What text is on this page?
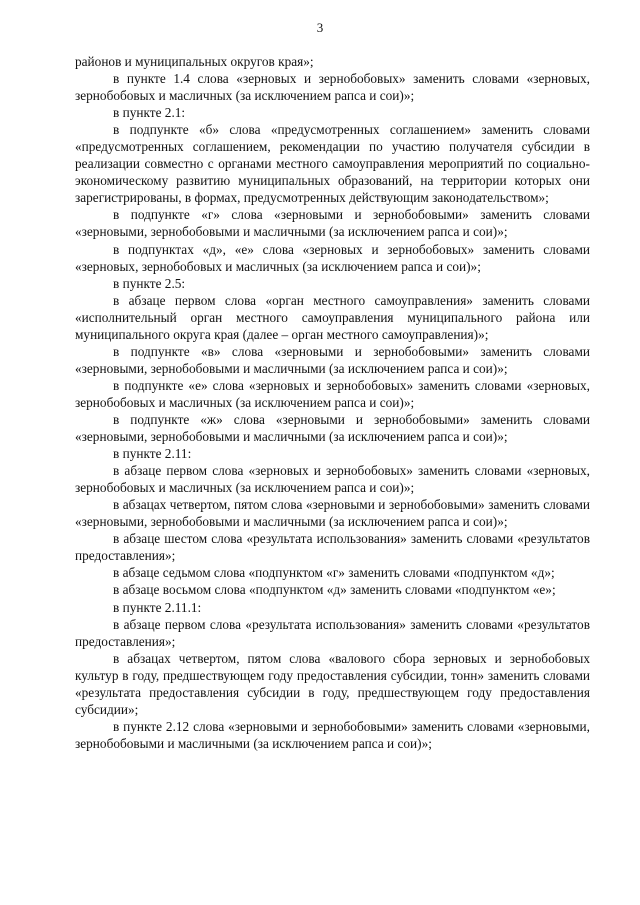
3

районов и муниципальных округов края»;

в пункте 1.4 слова «зерновых и зернобобовых» заменить словами «зерновых, зернобобовых и масличных (за исключением рапса и сои)»;

в пункте 2.1:

в подпункте «б» слова «предусмотренных соглашением» заменить словами «предусмотренных соглашением, рекомендации по участию получателя субсидии в реализации совместно с органами местного самоуправления мероприятий по социально-экономическому развитию муниципальных образований, на территории которых они зарегистрированы, в формах, предусмотренных действующим законодательством»;

в подпункте «г» слова «зерновыми и зернобобовыми» заменить словами «зерновыми, зернобобовыми и масличными (за исключением рапса и сои)»;

в подпунктах «д», «е» слова «зерновых и зернобобовых» заменить словами «зерновых, зернобобовых и масличных (за исключением рапса и сои)»;

в пункте 2.5:

в абзаце первом слова «орган местного самоуправления» заменить словами «исполнительный орган местного самоуправления муниципального района или муниципального округа края (далее – орган местного самоуправления)»;

в подпункте «в» слова «зерновыми и зернобобовыми» заменить словами «зерновыми, зернобобовыми и масличными (за исключением рапса и сои)»;

в подпункте «е» слова «зерновых и зернобобовых» заменить словами «зерновых, зернобобовых и масличных (за исключением рапса и сои)»;

в подпункте «ж» слова «зерновыми и зернобобовыми» заменить словами «зерновыми, зернобобовыми и масличными (за исключением рапса и сои)»;

в пункте 2.11:

в абзаце первом слова «зерновых и зернобобовых» заменить словами «зерновых, зернобобовых и масличных (за исключением рапса и сои)»;

в абзацах четвертом, пятом слова «зерновыми и зернобобовыми» заменить словами «зерновыми, зернобобовыми и масличными (за исключением рапса и сои)»;

в абзаце шестом слова «результата использования» заменить словами «результатов предоставления»;

в абзаце седьмом слова «подпунктом «г» заменить словами «подпунктом «д»;

в абзаце восьмом слова «подпунктом «д» заменить словами «подпунктом «е»;

в пункте 2.11.1:

в абзаце первом слова «результата использования» заменить словами «результатов предоставления»;

в абзацах четвертом, пятом слова «валового сбора зерновых и зернобобовых культур в году, предшествующем году предоставления субсидии, тонн» заменить словами «результата предоставления субсидии в году, предшествующем году предоставления субсидии»;

в пункте 2.12 слова «зерновыми и зернобобовыми» заменить словами «зерновыми, зернобобовыми и масличными (за исключением рапса и сои)»;
